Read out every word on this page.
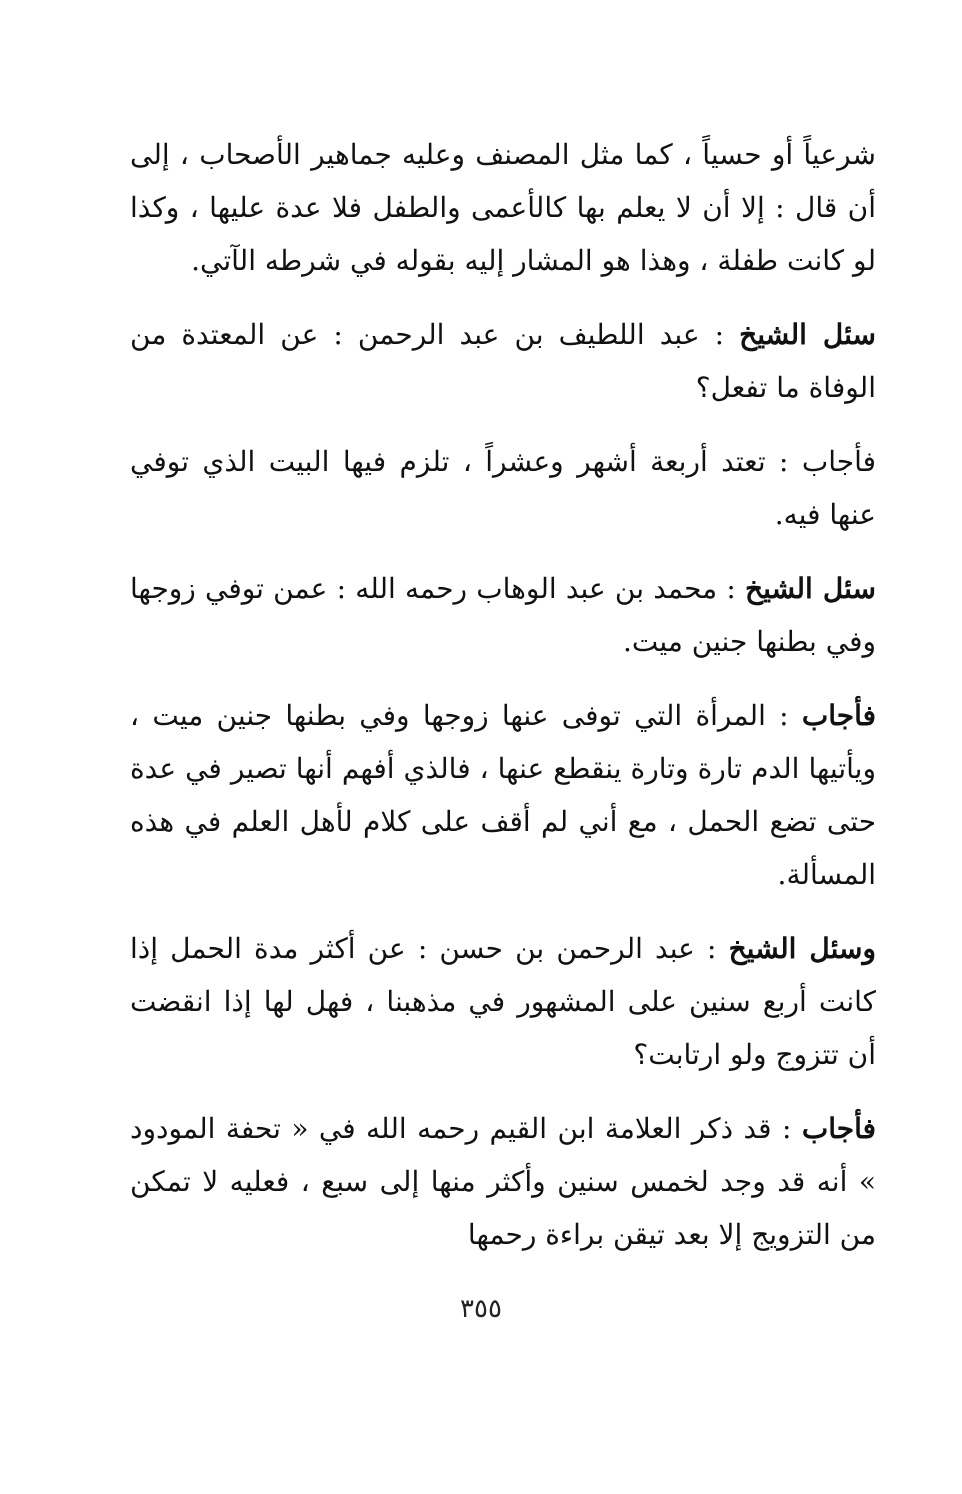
شرعياً أو حسياً ، كما مثل المصنف وعليه جماهير الأصحاب ، إلى أن قال : إلا أن لا يعلم بها كالأعمى والطفل فلا عدة عليها ، وكذا لو كانت طفلة ، وهذا هو المشار إليه بقوله في شرطه الآتي.

سئل الشيخ : عبد اللطيف بن عبد الرحمن : عن المعتدة من الوفاة ما تفعل؟

فأجاب : تعتد أربعة أشهر وعشراً ، تلزم فيها البيت الذي توفي عنها فيه.

سئل الشيخ : محمد بن عبد الوهاب رحمه الله : عمن توفي زوجها وفي بطنها جنين ميت.

فأجاب : المرأة التي توفى عنها زوجها وفي بطنها جنين ميت ، ويأتيها الدم تارة وتارة ينقطع عنها ، فالذي أفهم أنها تصير في عدة حتى تضع الحمل ، مع أني لم أقف على كلام لأهل العلم في هذه المسألة.

وسئل الشيخ : عبد الرحمن بن حسن : عن أكثر مدة الحمل إذا كانت أربع سنين على المشهور في مذهبنا ، فهل لها إذا انقضت أن تتزوج ولو ارتابت؟

فأجاب : قد ذكر العلامة ابن القيم رحمه الله في « تحفة المودود » أنه قد وجد لخمس سنين وأكثر منها إلى سبع ، فعليه لا تمكن من التزويج إلا بعد تيقن براءة رحمها

٣٥٥
